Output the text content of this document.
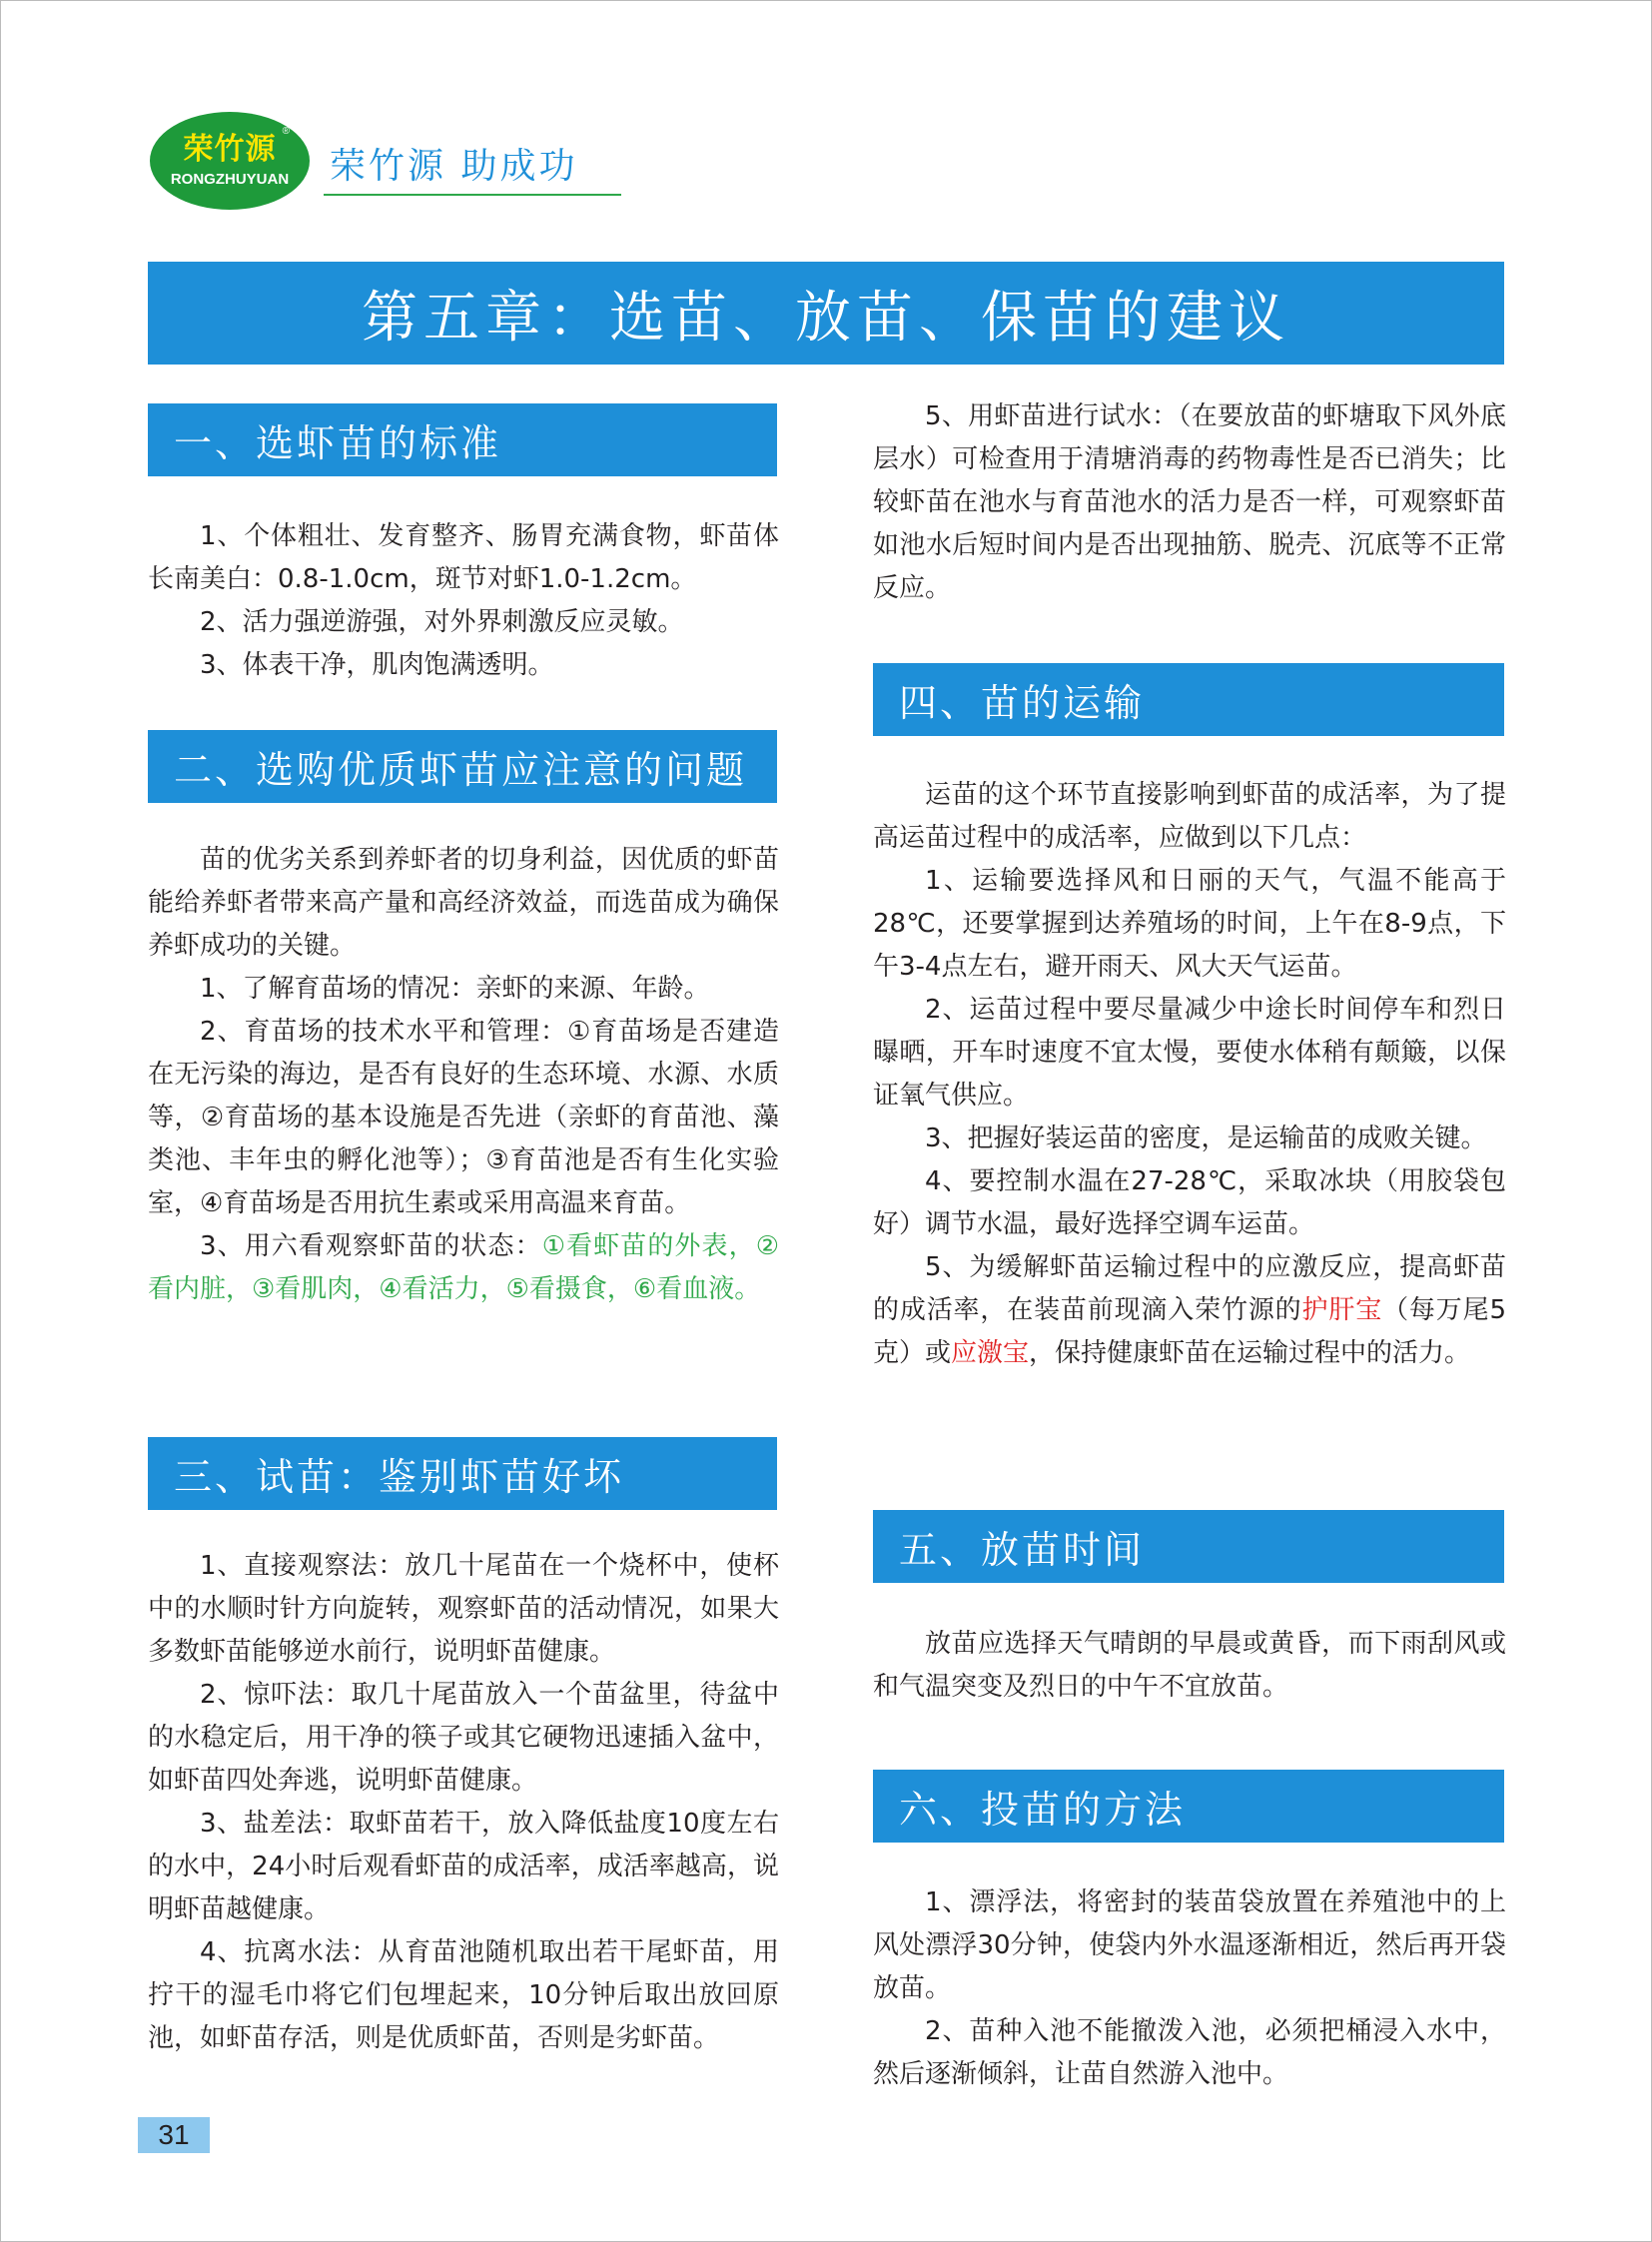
荣竹源
RONGZHUYUAN
®
荣竹源 助成功
第五章：选苗、放苗、保苗的建议
一、选虾苗的标准

1、个体粗壮、发育整齐、肠胃充满食物，虾苗体长南美白：0.8-1.0cm，斑节对虾1.0-1.2cm。

2、活力强逆游强，对外界刺激反应灵敏。

3、体表干净，肌肉饱满透明。

二、选购优质虾苗应注意的问题

苗的优劣关系到养虾者的切身利益，因优质的虾苗能给养虾者带来高产量和高经济效益，而选苗成为确保养虾成功的关键。

1、了解育苗场的情况：亲虾的来源、年龄。

2、育苗场的技术水平和管理：①育苗场是否建造在无污染的海边，是否有良好的生态环境、水源、水质等，②育苗场的基本设施是否先进（亲虾的育苗池、藻类池、丰年虫的孵化池等）；③育苗池是否有生化实验室，④育苗场是否用抗生素或采用高温来育苗。

3、用六看观察虾苗的状态：①看虾苗的外表，②看内脏，③看肌肉，④看活力，⑤看摄食，⑥看血液。

三、试苗：鉴别虾苗好坏

1、直接观察法：放几十尾苗在一个烧杯中，使杯中的水顺时针方向旋转，观察虾苗的活动情况，如果大多数虾苗能够逆水前行，说明虾苗健康。

2、惊吓法：取几十尾苗放入一个苗盆里，待盆中的水稳定后，用干净的筷子或其它硬物迅速插入盆中，如虾苗四处奔逃，说明虾苗健康。

3、盐差法：取虾苗若干，放入降低盐度10度左右的水中，24小时后观看虾苗的成活率，成活率越高，说明虾苗越健康。

4、抗离水法：从育苗池随机取出若干尾虾苗，用拧干的湿毛巾将它们包埋起来，10分钟后取出放回原池，如虾苗存活，则是优质虾苗，否则是劣虾苗。

5、用虾苗进行试水：（在要放苗的虾塘取下风外底层水）可检查用于清塘消毒的药物毒性是否已消失；比较虾苗在池水与育苗池水的活力是否一样，可观察虾苗如池水后短时间内是否出现抽筋、脱壳、沉底等不正常反应。

四、苗的运输

运苗的这个环节直接影响到虾苗的成活率，为了提高运苗过程中的成活率，应做到以下几点：

1、运输要选择风和日丽的天气，气温不能高于28℃，还要掌握到达养殖场的时间，上午在8-9点，下午3-4点左右，避开雨天、风大天气运苗。

2、运苗过程中要尽量减少中途长时间停车和烈日曝晒，开车时速度不宜太慢，要使水体稍有颠簸，以保证氧气供应。

3、把握好装运苗的密度，是运输苗的成败关键。

4、要控制水温在27-28℃，采取冰块（用胶袋包好）调节水温，最好选择空调车运苗。

5、为缓解虾苗运输过程中的应激反应，提高虾苗的成活率，在装苗前现滴入荣竹源的护肝宝（每万尾5克）或应激宝，保持健康虾苗在运输过程中的活力。

五、放苗时间

放苗应选择天气晴朗的早晨或黄昏，而下雨刮风或和气温突变及烈日的中午不宜放苗。

六、投苗的方法

1、漂浮法，将密封的装苗袋放置在养殖池中的上风处漂浮30分钟，使袋内外水温逐渐相近，然后再开袋放苗。

2、苗种入池不能撤泼入池，必须把桶浸入水中，然后逐渐倾斜，让苗自然游入池中。

31
